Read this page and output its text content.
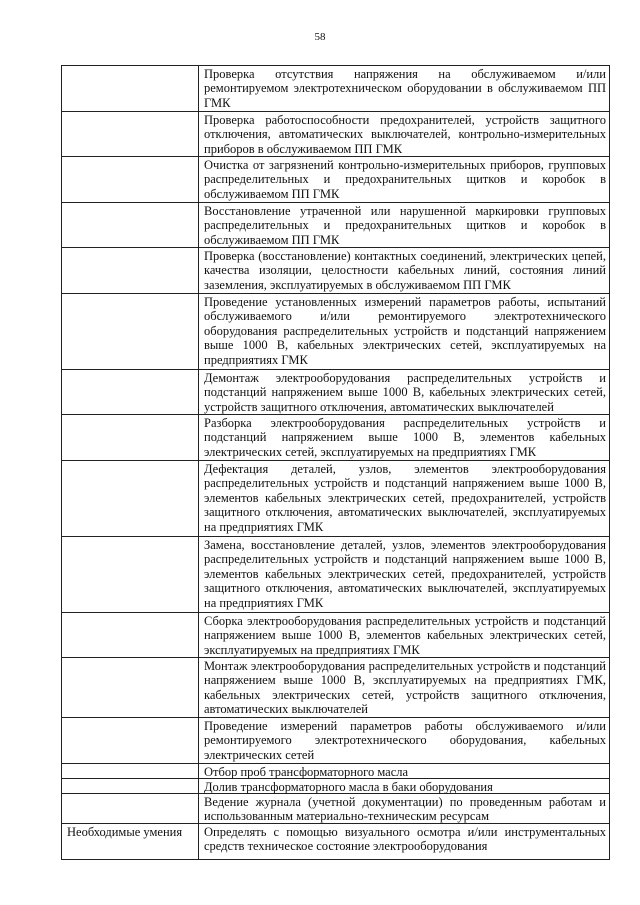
58
Проверка отсутствия напряжения на обслуживаемом и/или ремонтируемом электротехническом оборудовании в обслуживаемом ПП ГМК
Проверка работоспособности предохранителей, устройств защитного отключения, автоматических выключателей, контрольно-измерительных приборов в обслуживаемом ПП ГМК
Очистка от загрязнений контрольно-измерительных приборов, групповых распределительных и предохранительных щитков и коробок в обслуживаемом ПП ГМК
Восстановление утраченной или нарушенной маркировки групповых распределительных и предохранительных щитков и коробок в обслуживаемом ПП ГМК
Проверка (восстановление) контактных соединений, электрических цепей, качества изоляции, целостности кабельных линий, состояния линий заземления, эксплуатируемых в обслуживаемом ПП ГМК
Проведение установленных измерений параметров работы, испытаний обслуживаемого и/или ремонтируемого электротехнического оборудования распределительных устройств и подстанций напряжением выше 1000 В, кабельных электрических сетей, эксплуатируемых на предприятиях ГМК
Демонтаж электрооборудования распределительных устройств и подстанций напряжением выше 1000 В, кабельных электрических сетей, устройств защитного отключения, автоматических выключателей
Разборка электрооборудования распределительных устройств и подстанций напряжением выше 1000 В, элементов кабельных электрических сетей, эксплуатируемых на предприятиях ГМК
Дефектация деталей, узлов, элементов электрооборудования распределительных устройств и подстанций напряжением выше 1000 В, элементов кабельных электрических сетей, предохранителей, устройств защитного отключения, автоматических выключателей, эксплуатируемых на предприятиях ГМК
Замена, восстановление деталей, узлов, элементов электрооборудования распределительных устройств и подстанций напряжением выше 1000 В, элементов кабельных электрических сетей, предохранителей, устройств защитного отключения, автоматических выключателей, эксплуатируемых на предприятиях ГМК
Сборка электрооборудования распределительных устройств и подстанций напряжением выше 1000 В, элементов кабельных электрических сетей, эксплуатируемых на предприятиях ГМК
Монтаж электрооборудования распределительных устройств и подстанций напряжением выше 1000 В, эксплуатируемых на предприятиях ГМК, кабельных электрических сетей, устройств защитного отключения, автоматических выключателей
Проведение измерений параметров работы обслуживаемого и/или ремонтируемого электротехнического оборудования, кабельных электрических сетей
Отбор проб трансформаторного масла
Долив трансформаторного масла в баки оборудования
Ведение журнала (учетной документации) по проведенным работам и использованным материально-техническим ресурсам
Необходимые умения	Определять с помощью визуального осмотра и/или инструментальных средств техническое состояние электрооборудования
